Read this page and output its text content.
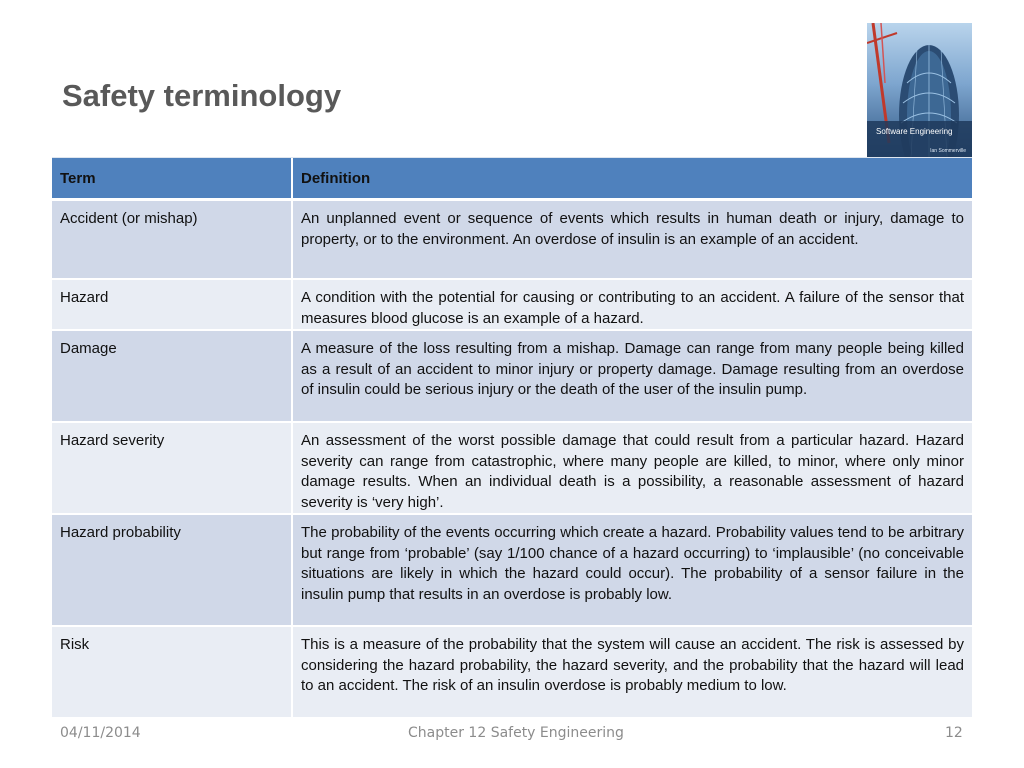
Safety terminology
Software Engineering
Ian Sommerville
Term	Definition
Accident (or mishap)	An unplanned event or sequence of events which results in human death or injury, damage to property, or to the environment. An overdose of insulin is an example of an accident.
Hazard	A condition with the potential for causing or contributing to an accident. A failure of the sensor that measures blood glucose is an example of a hazard.
Damage	A measure of the loss resulting from a mishap. Damage can range from many people being killed as a result of an accident to minor injury or property damage. Damage resulting from an overdose of insulin could be serious injury or the death of the user of the insulin pump.
Hazard severity	An assessment of the worst possible damage that could result from a particular hazard. Hazard severity can range from catastrophic, where many people are killed, to minor, where only minor damage results. When an individual death is a possibility, a reasonable assessment of hazard severity is ‘very high’.
Hazard probability	The probability of the events occurring which create a hazard. Probability values tend to be arbitrary but range from ‘probable’ (say 1/100 chance of a hazard occurring) to ‘implausible’ (no conceivable situations are likely in which the hazard could occur). The probability of a sensor failure in the insulin pump that results in an overdose is probably low.
Risk	This is a measure of the probability that the system will cause an accident. The risk is assessed by considering the hazard probability, the hazard severity, and the probability that the hazard will lead to an accident. The risk of an insulin overdose is probably medium to low.
04/11/2014	Chapter 12 Safety Engineering	12
